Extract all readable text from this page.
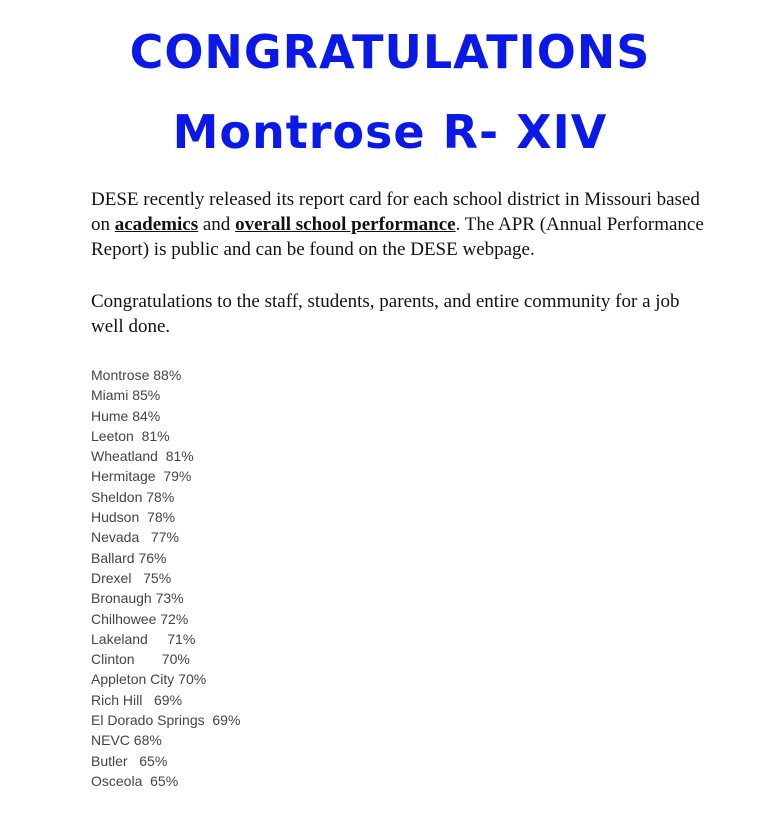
CONGRATULATIONS
Montrose R- XIV

DESE recently released its report card for each school district in Missouri based on academics and overall school performance. The APR (Annual Performance Report) is public and can be found on the DESE webpage.

Congratulations to the staff, students, parents, and entire community for a job well done.

Montrose 88%
Miami 85%
Hume 84%
Leeton  81%
Wheatland  81%
Hermitage  79%
Sheldon 78%
Hudson  78%
Nevada   77%
Ballard 76%
Drexel   75%
Bronaugh 73%
Chilhowee 72%
Lakeland     71%
Clinton       70%
Appleton City 70%
Rich Hill   69%
El Dorado Springs  69%
NEVC 68%
Butler   65%
Osceola  65%
